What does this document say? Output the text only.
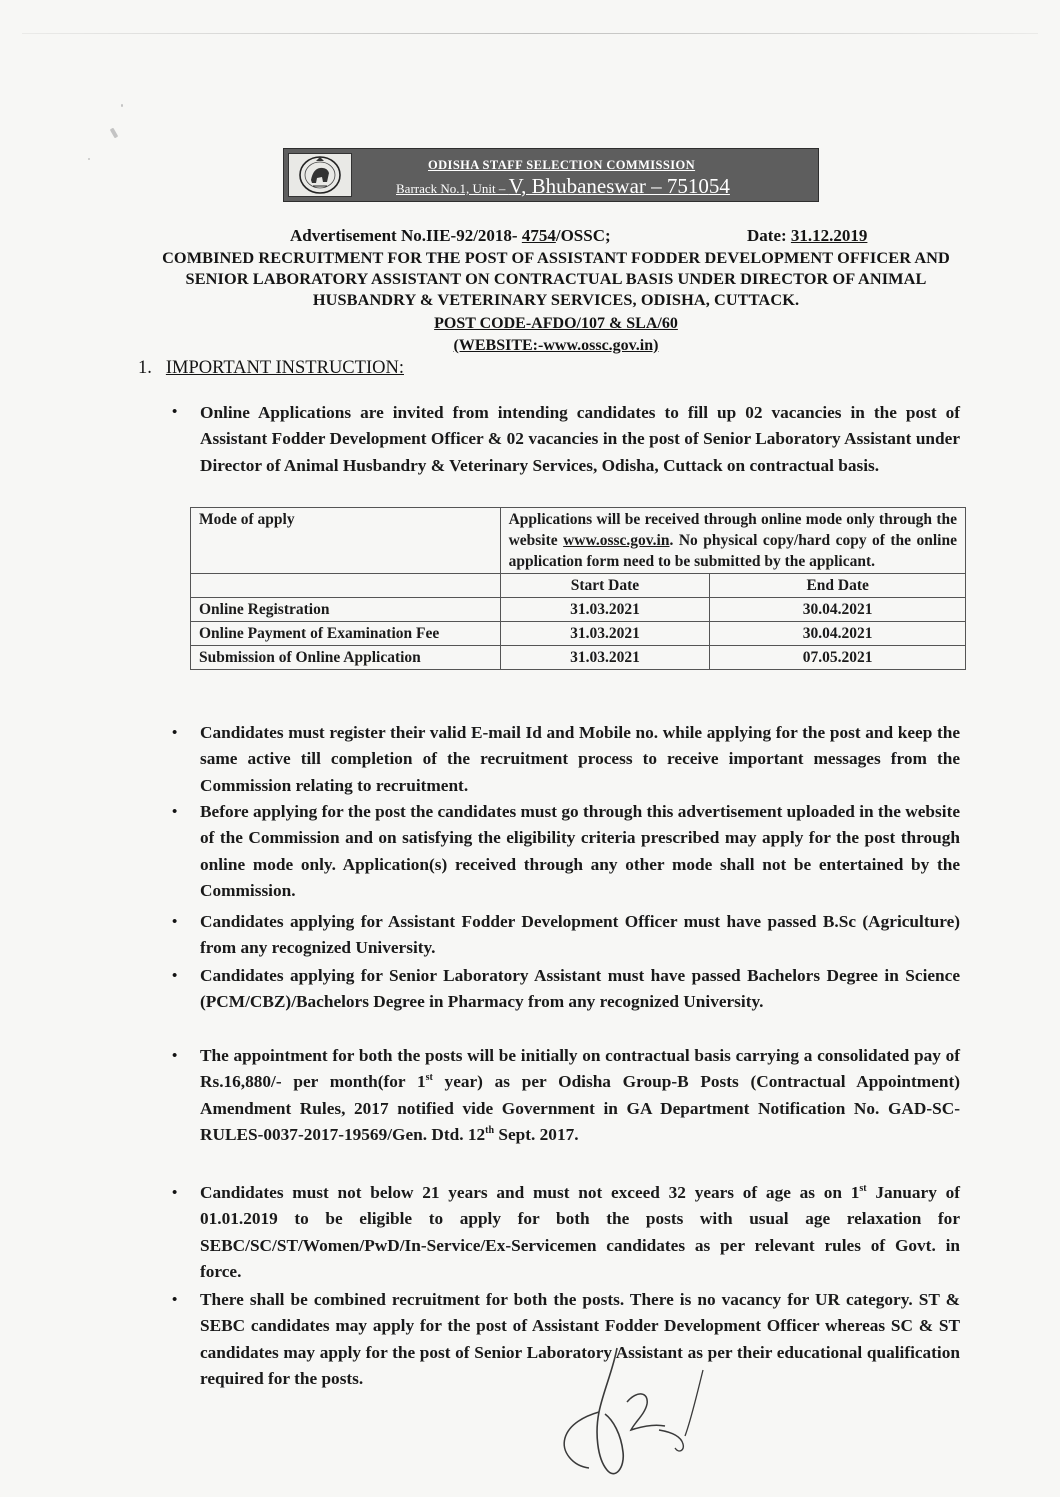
ODISHA STAFF SELECTION COMMISSION
Barrack No.1, Unit – V, Bhubaneswar – 751054
Advertisement No.IIE-92/2018- 4754/OSSC;	Date: 31.12.2019
COMBINED RECRUITMENT FOR THE POST OF ASSISTANT FODDER DEVELOPMENT OFFICER AND SENIOR LABORATORY ASSISTANT ON CONTRACTUAL BASIS UNDER DIRECTOR OF ANIMAL HUSBANDRY & VETERINARY SERVICES, ODISHA, CUTTACK.
POST CODE-AFDO/107 & SLA/60
(WEBSITE:-www.ossc.gov.in)
1. IMPORTANT INSTRUCTION:
•	Online Applications are invited from intending candidates to fill up 02 vacancies in the post of Assistant Fodder Development Officer & 02 vacancies in the post of Senior Laboratory Assistant under Director of Animal Husbandry & Veterinary Services, Odisha, Cuttack on contractual basis.
Mode of apply	Applications will be received through online mode only through the website www.ossc.gov.in. No physical copy/hard copy of the online application form need to be submitted by the applicant.	
	Start Date	End Date
Online Registration	31.03.2021	30.04.2021
Online Payment of Examination Fee	31.03.2021	30.04.2021
Submission of Online Application	31.03.2021	07.05.2021
•	Candidates must register their valid E-mail Id and Mobile no. while applying for the post and keep the same active till completion of the recruitment process to receive important messages from the Commission relating to recruitment.
•	Before applying for the post the candidates must go through this advertisement uploaded in the website of the Commission and on satisfying the eligibility criteria prescribed may apply for the post through online mode only. Application(s) received through any other mode shall not be entertained by the Commission.
•	Candidates applying for Assistant Fodder Development Officer must have passed B.Sc (Agriculture) from any recognized University.
•	Candidates applying for Senior Laboratory Assistant must have passed Bachelors Degree in Science (PCM/CBZ)/Bachelors Degree in Pharmacy from any recognized University.
•	The appointment for both the posts will be initially on contractual basis carrying a consolidated pay of Rs.16,880/- per month(for 1st year) as per Odisha Group-B Posts (Contractual Appointment) Amendment Rules, 2017 notified vide Government in GA Department Notification No. GAD-SC-RULES-0037-2017-19569/Gen. Dtd. 12th Sept. 2017.
•	Candidates must not below 21 years and must not exceed 32 years of age as on 1st January of 01.01.2019 to be eligible to apply for both the posts with usual age relaxation for SEBC/SC/ST/Women/PwD/In-Service/Ex-Servicemen candidates as per relevant rules of Govt. in force.
•	There shall be combined recruitment for both the posts. There is no vacancy for UR category. ST & SEBC candidates may apply for the post of Assistant Fodder Development Officer whereas SC & ST candidates may apply for the post of Senior Laboratory Assistant as per their educational qualification required for the posts.
